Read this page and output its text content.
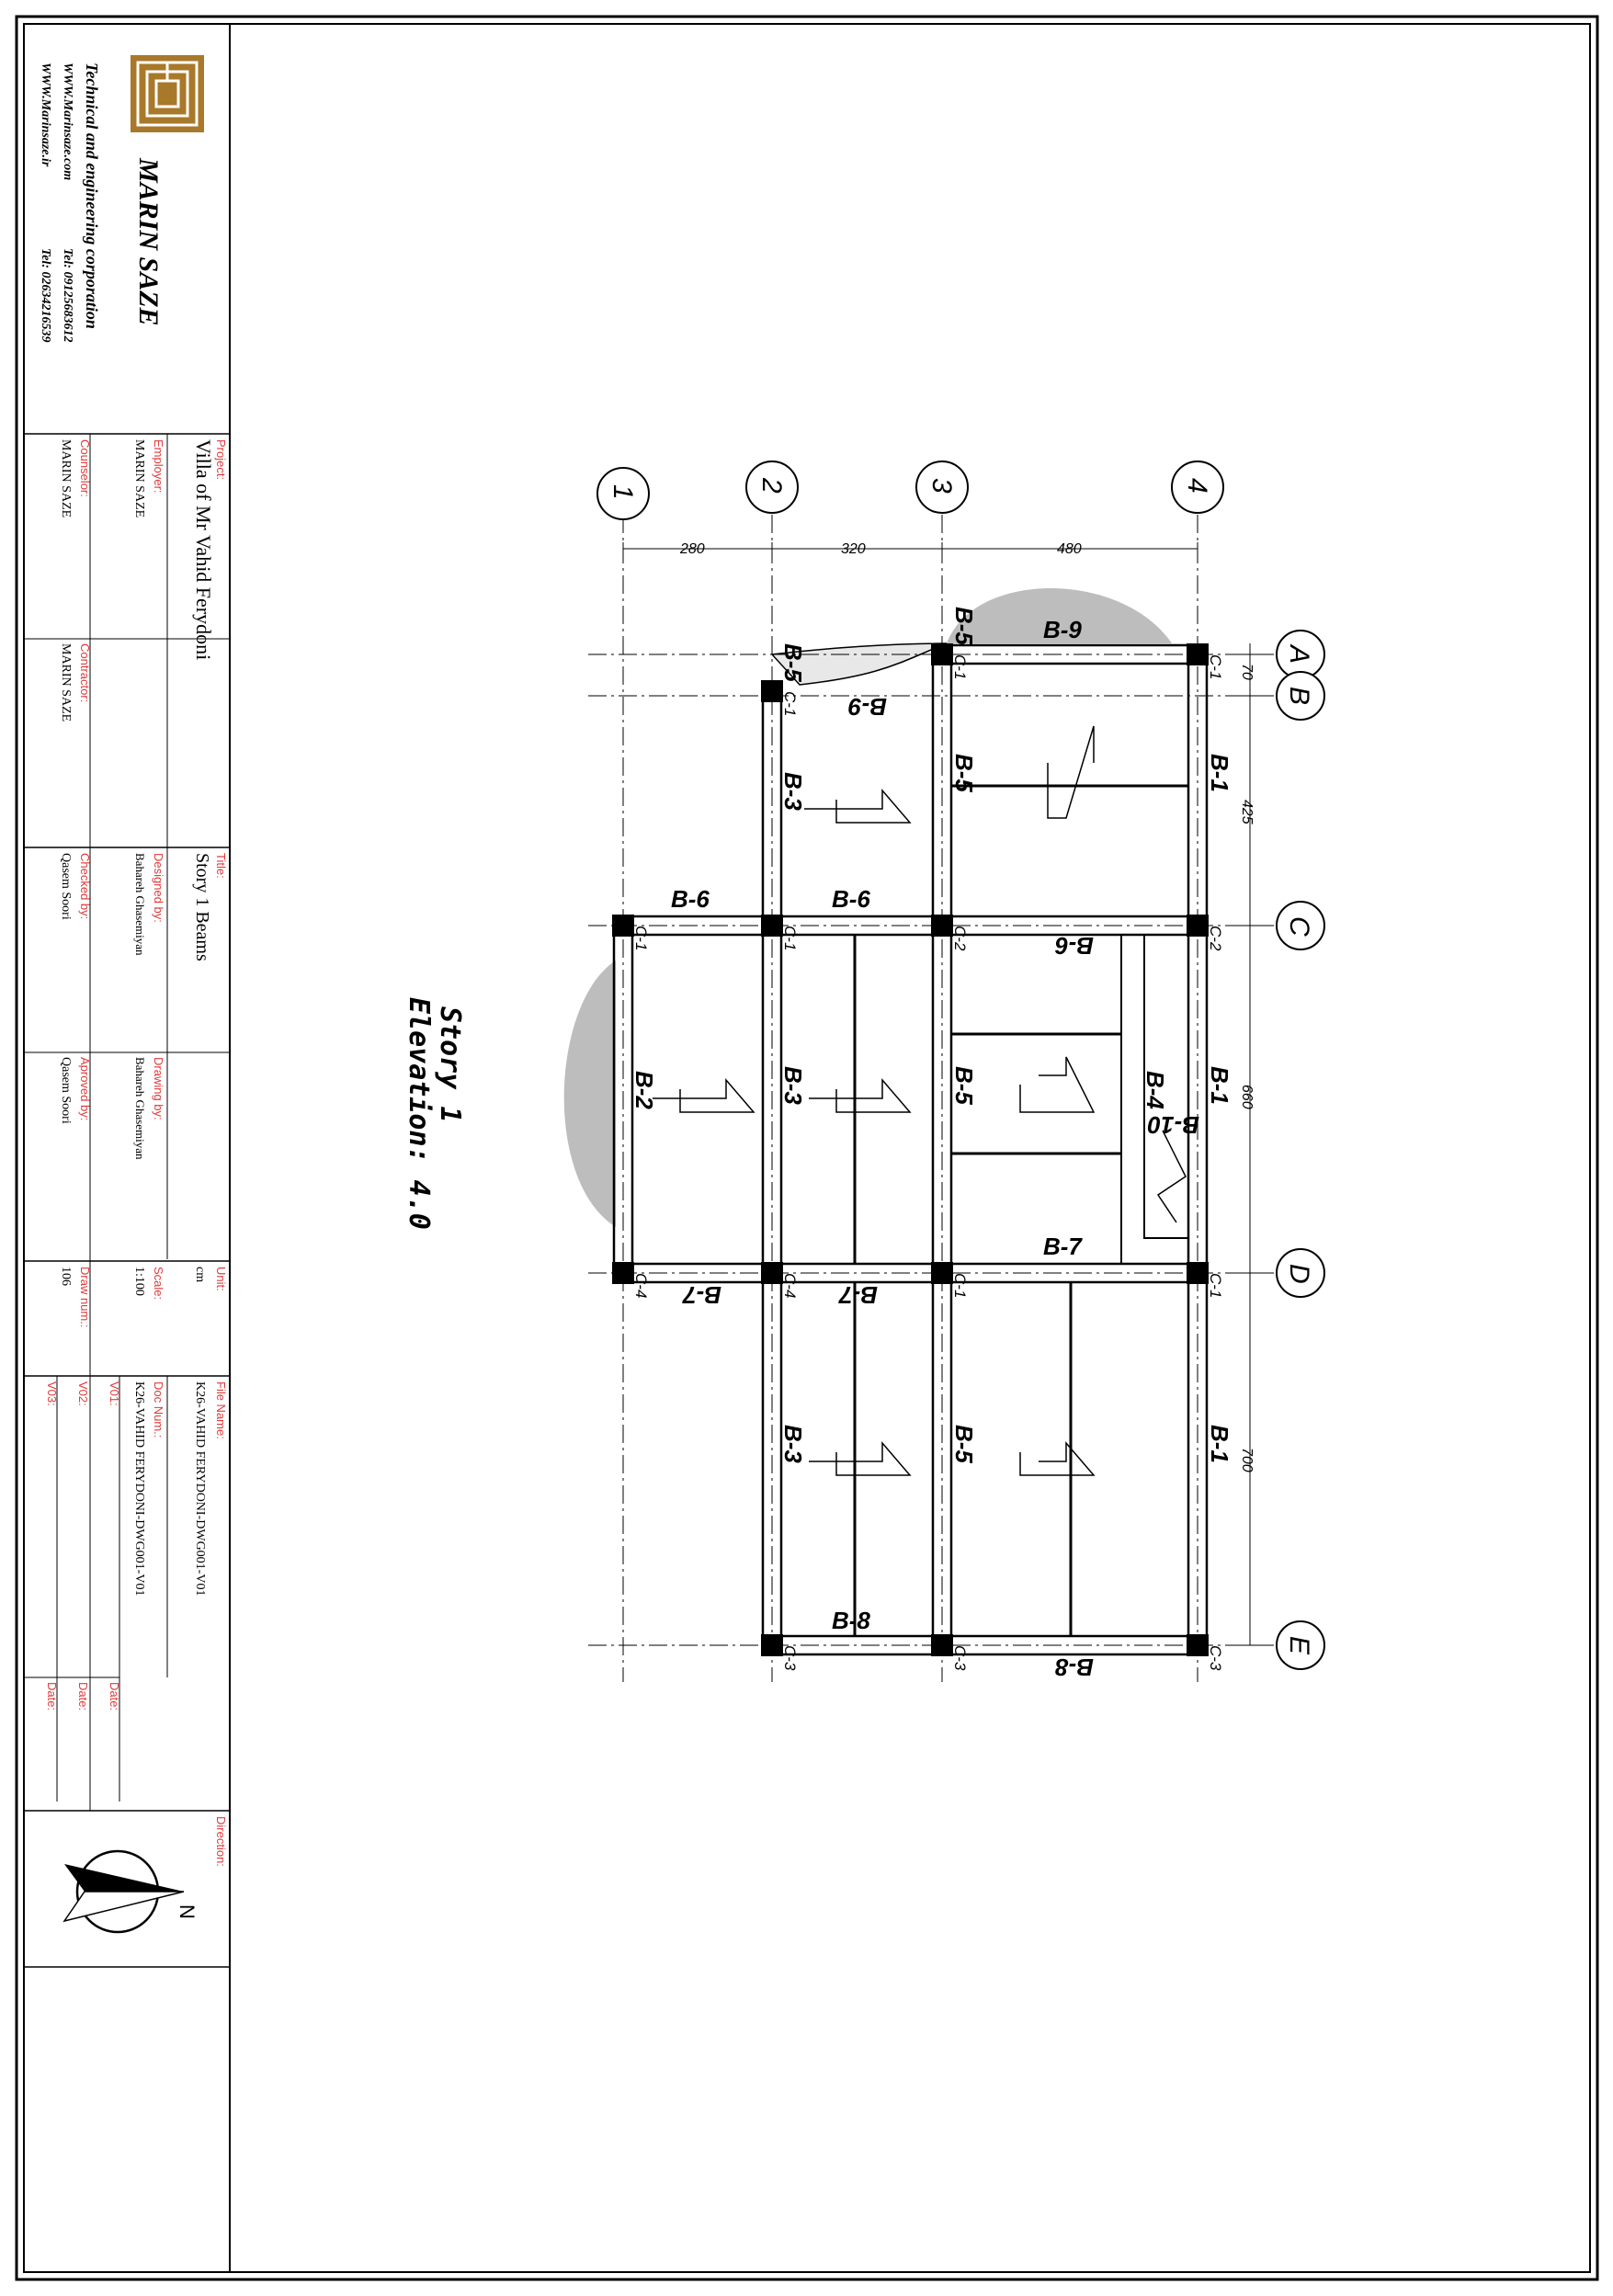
MARIN SAZE
Technical and engineering corporation
WWW.Marinsaze.com
Tel: 09125683612
WWW.Marinsaze.ir
Tel: 02634216539
Project:
Villa of Mr Vahid Ferydoni
Employer:
MARIN SAZE
Counselor:
MARIN SAZE
Contractor:
MARIN SAZE
Title:
Story 1 Beams
Designed by:
Bahareh Ghasemiyan
Checked by:
Qasem Soori
Drawing by:
Bahareh Ghasemiyan
Aproved by:
Qasem Soori
Unit:
cm
Scale:
1:100
Draw num.:
106
File Name:
K26-VAHID FERYDONI-DWG001-V01
Doc Num.:
K26-VAHID FERYDONI-DWG001-V01
V01:
V02:
V03:
Date:
Date:
Date:
Direction:
N
280	320	480
70
425
660
700
1	2	3	4
A
B
C
D
E
C-1
C-1	C-1
C-1	C-1	C-2	C-2
C-4	C-4	C-1	C-1
C-3	C-3	C-3
B-9
B-9
B-5
B-5
B-5
B-5
B-5
B-3
B-3
B-3
B-1
B-1
B-1
B-6	B-6
B-6
B-2	B-4
B-10
B-7
B-7	B-7
B-8
B-8
Story 1
Elevation: 4.0
